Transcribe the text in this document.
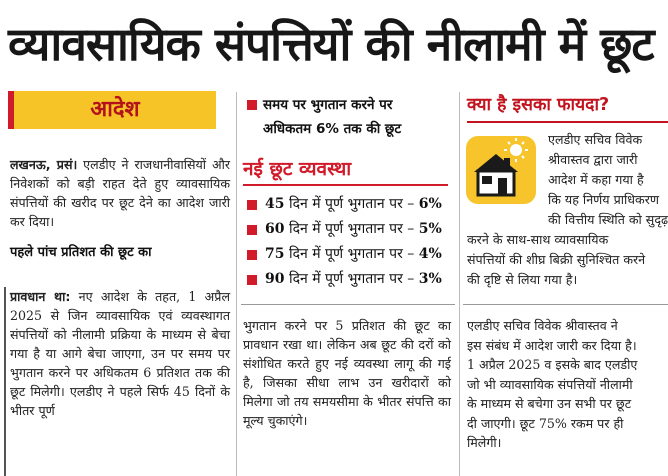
व्यावसायिक संपत्तियों की नीलामी में छूट
आदेश

लखनऊ, प्रसं। एलडीए ने राजधानीवासियों और निवेशकों को बड़ी राहत देते हुए व्यावसायिक संपत्तियों की खरीद पर छूट देने का आदेश जारी कर दिया।

पहले पांच प्रतिशत की छूट का

प्रावधान था: नए आदेश के तहत, 1 अप्रैल 2025 से जिन व्यावसायिक एवं व्यवस्थागत संपत्तियों को नीलामी प्रक्रिया के माध्यम से बेचा गया है या आगे बेचा जाएगा, उन पर समय पर भुगतान करने पर अधिकतम 6 प्रतिशत तक की छूट मिलेगी। एलडीए ने पहले सिर्फ 45 दिनों के भीतर पूर्ण

समय पर भुगतान करने पर
अधिकतम 6% तक की छूट

नई छूट व्यवस्था
45 दिन में पूर्ण भुगतान पर – 6%
60 दिन में पूर्ण भुगतान पर – 5%
75 दिन में पूर्ण भुगतान पर – 4%
90 दिन में पूर्ण भुगतान पर – 3%

भुगतान करने पर 5 प्रतिशत की छूट का प्रावधान रखा था। लेकिन अब छूट की दरों को संशोधित करते हुए नई व्यवस्था लागू की गई है, जिसका सीधा लाभ उन खरीदारों को मिलेगा जो तय समयसीमा के भीतर संपत्ति का मूल्य चुकाएंगे।

क्या है इसका फायदा?

एलडीए सचिव विवेक

श्रीवास्तव द्वारा जारी

आदेश में कहा गया है

कि यह निर्णय प्राधिकरण

की वित्तीय स्थिति को सुदृढ़

करने के साथ-साथ व्यावसायिक

संपत्तियों की शीघ्र बिक्री सुनिश्चित करने

की दृष्टि से लिया गया है।

एलडीए सचिव विवेक श्रीवास्तव ने
इस संबंध में आदेश जारी कर दिया है।
1 अप्रैल 2025 व इसके बाद एलडीए
जो भी व्यावसायिक संपत्तियों नीलामी
के माध्यम से बचेगा उन सभी पर छूट
दी जाएगी। छूट 75% रकम पर ही
मिलेगी।
